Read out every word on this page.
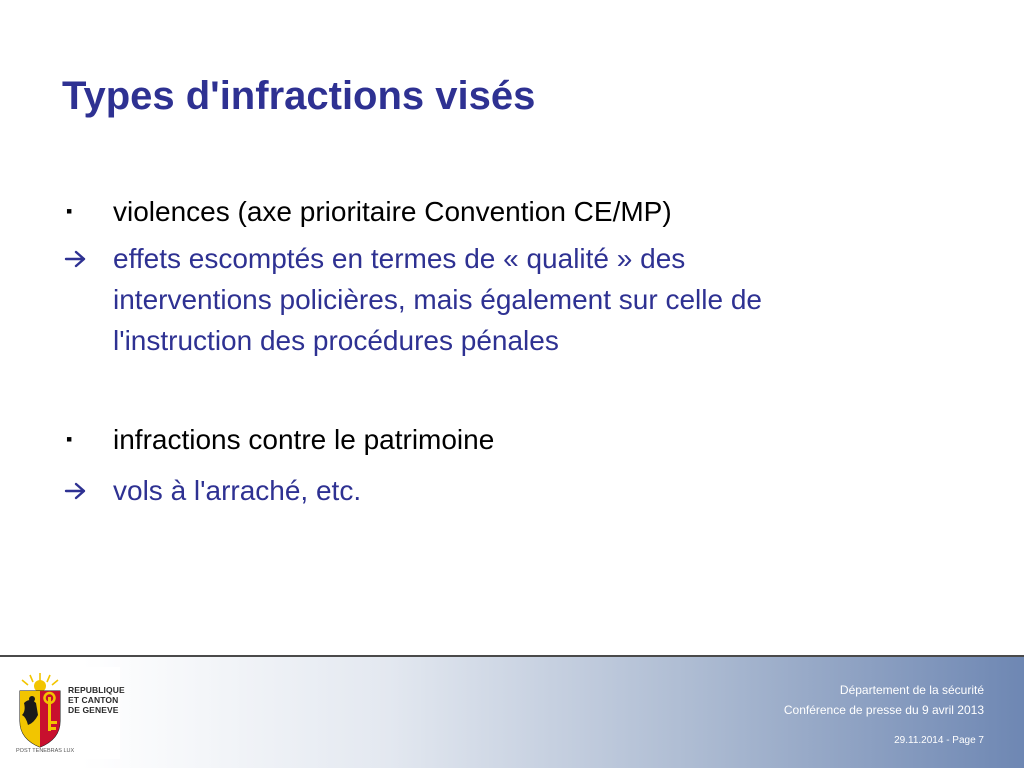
Types d'infractions visés
▪	violences (axe prioritaire Convention CE/MP)
effets escomptés en termes de « qualité » des
interventions policières, mais également sur celle de
l'instruction des procédures pénales
▪	infractions contre le patrimoine
vols à l'arraché, etc.
REPUBLIQUE
ET CANTON
DE GENEVE
POST TENEBRAS LUX
Département de la sécurité
Conférence de presse du 9 avril 2013
29.11.2014 - Page 7
